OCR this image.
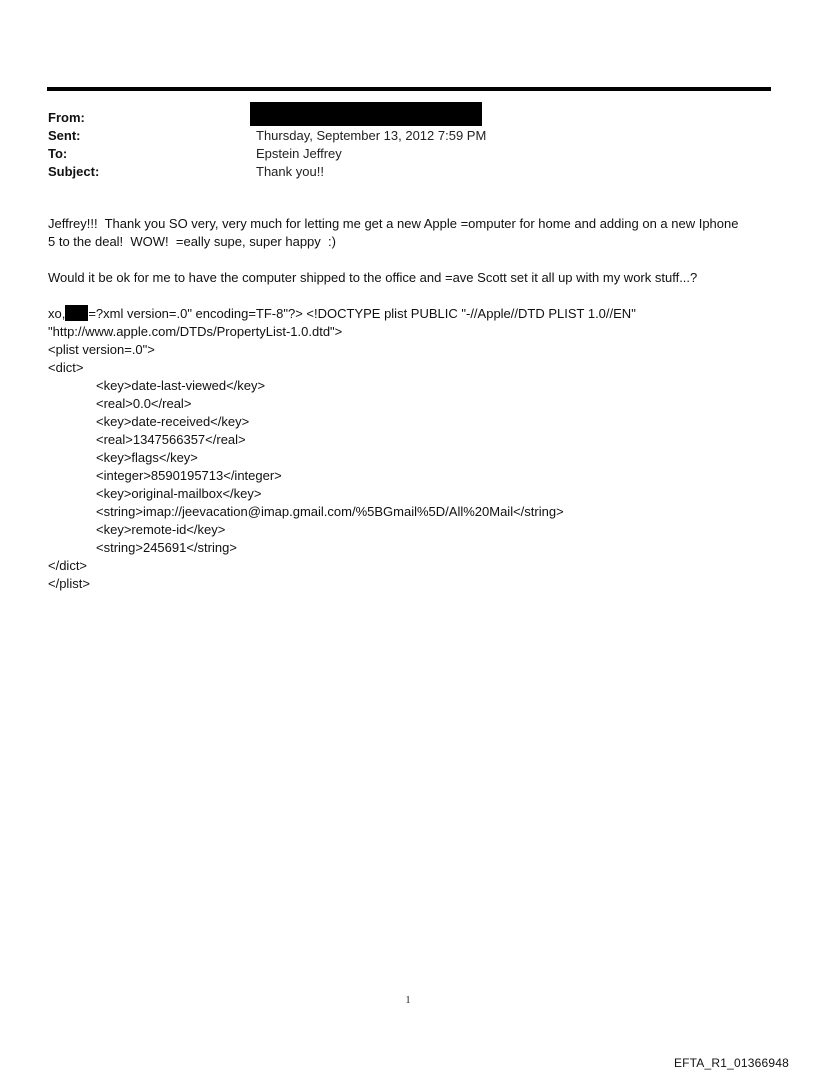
From:
Sent:	Thursday, September 13, 2012 7:59 PM
To:	Epstein Jeffrey
Subject:	Thank you!!
Jeffrey!!!  Thank you SO very, very much for letting me get a new Apple =omputer for home and adding on a new Iphone
5 to the deal!  WOW!  =eally supe, super happy  :)
Would it be ok for me to have the computer shipped to the office and =ave Scott set it all up with my work stuff...?
xo, =?xml version=.0" encoding=TF-8"?> <!DOCTYPE plist PUBLIC "-//Apple//DTD PLIST 1.0//EN"
"http://www.apple.com/DTDs/PropertyList-1.0.dtd">
<plist version=.0">
<dict>
<key>date-last-viewed</key>
<real>0.0</real>
<key>date-received</key>
<real>1347566357</real>
<key>flags</key>
<integer>8590195713</integer>
<key>original-mailbox</key>
<string>imap://jeevacation@imap.gmail.com/%5BGmail%5D/All%20Mail</string>
<key>remote-id</key>
<string>245691</string>
</dict>
</plist>
1
EFTA_R1_01366948
